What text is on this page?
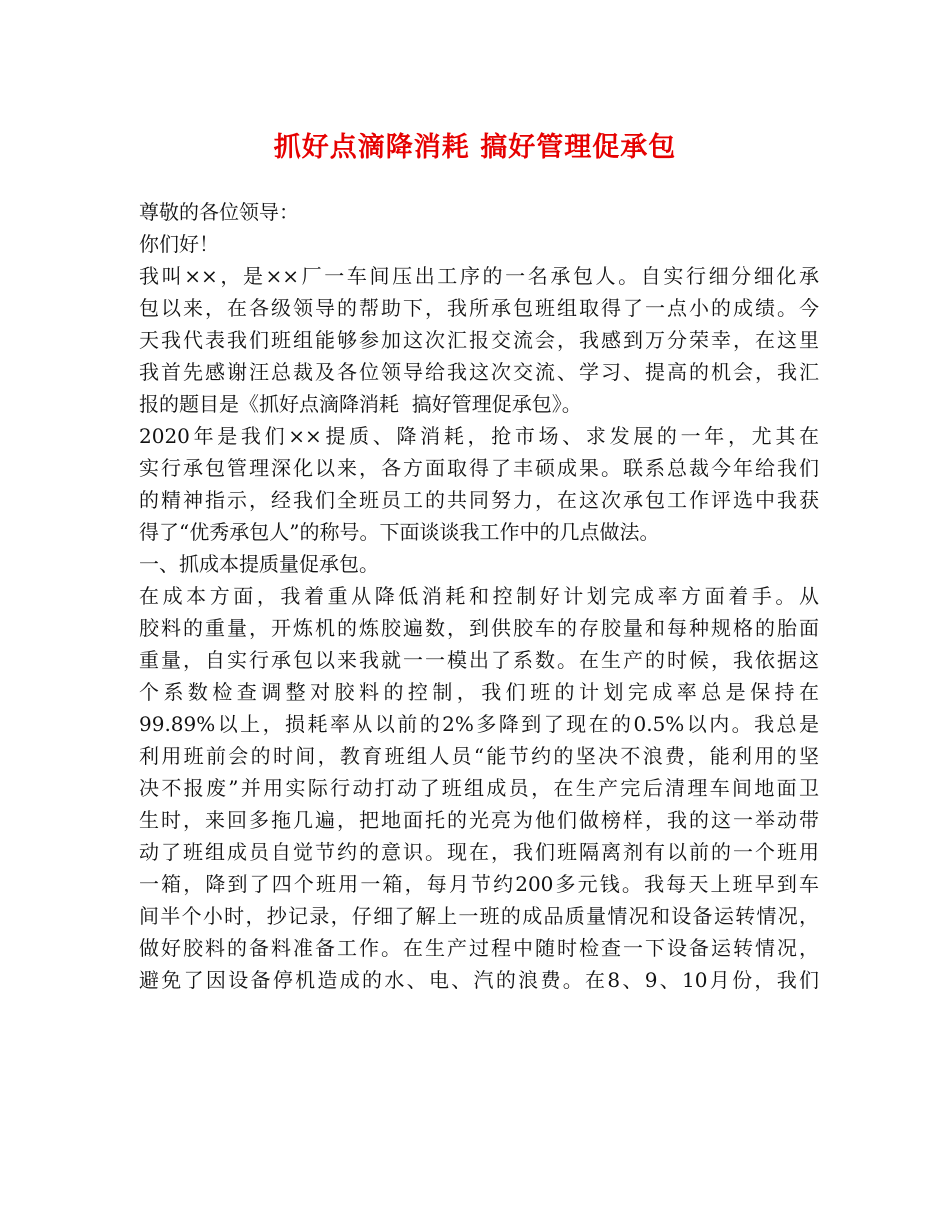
抓好点滴降消耗 搞好管理促承包
尊敬的各位领导：
你们好！
我叫××，是××厂一车间压出工序的一名承包人。自实行细分细化承
包以来，在各级领导的帮助下，我所承包班组取得了一点小的成绩。今
天我代表我们班组能够参加这次汇报交流会，我感到万分荣幸，在这里
我首先感谢汪总裁及各位领导给我这次交流、学习、提高的机会，我汇
报的题目是《抓好点滴降消耗  搞好管理促承包》。
2020年是我们××提质、降消耗，抢市场、求发展的一年，尤其在
实行承包管理深化以来，各方面取得了丰硕成果。联系总裁今年给我们
的精神指示，经我们全班员工的共同努力，在这次承包工作评选中我获
得了“优秀承包人”的称号。下面谈谈我工作中的几点做法。
一、抓成本提质量促承包。
在成本方面，我着重从降低消耗和控制好计划完成率方面着手。从
胶料的重量，开炼机的炼胶遍数，到供胶车的存胶量和每种规格的胎面
重量，自实行承包以来我就一一模出了系数。在生产的时候，我依据这
个系数检查调整对胶料的控制，我们班的计划完成率总是保持在
99.89%以上，损耗率从以前的2%多降到了现在的0.5%以内。我总是
利用班前会的时间，教育班组人员“能节约的坚决不浪费，能利用的坚
决不报废”并用实际行动打动了班组成员，在生产完后清理车间地面卫
生时，来回多拖几遍，把地面托的光亮为他们做榜样，我的这一举动带
动了班组成员自觉节约的意识。现在，我们班隔离剂有以前的一个班用
一箱，降到了四个班用一箱，每月节约200多元钱。我每天上班早到车
间半个小时，抄记录，仔细了解上一班的成品质量情况和设备运转情况，
做好胶料的备料准备工作。在生产过程中随时检查一下设备运转情况，
避免了因设备停机造成的水、电、汽的浪费。在8、9、10月份，我们
